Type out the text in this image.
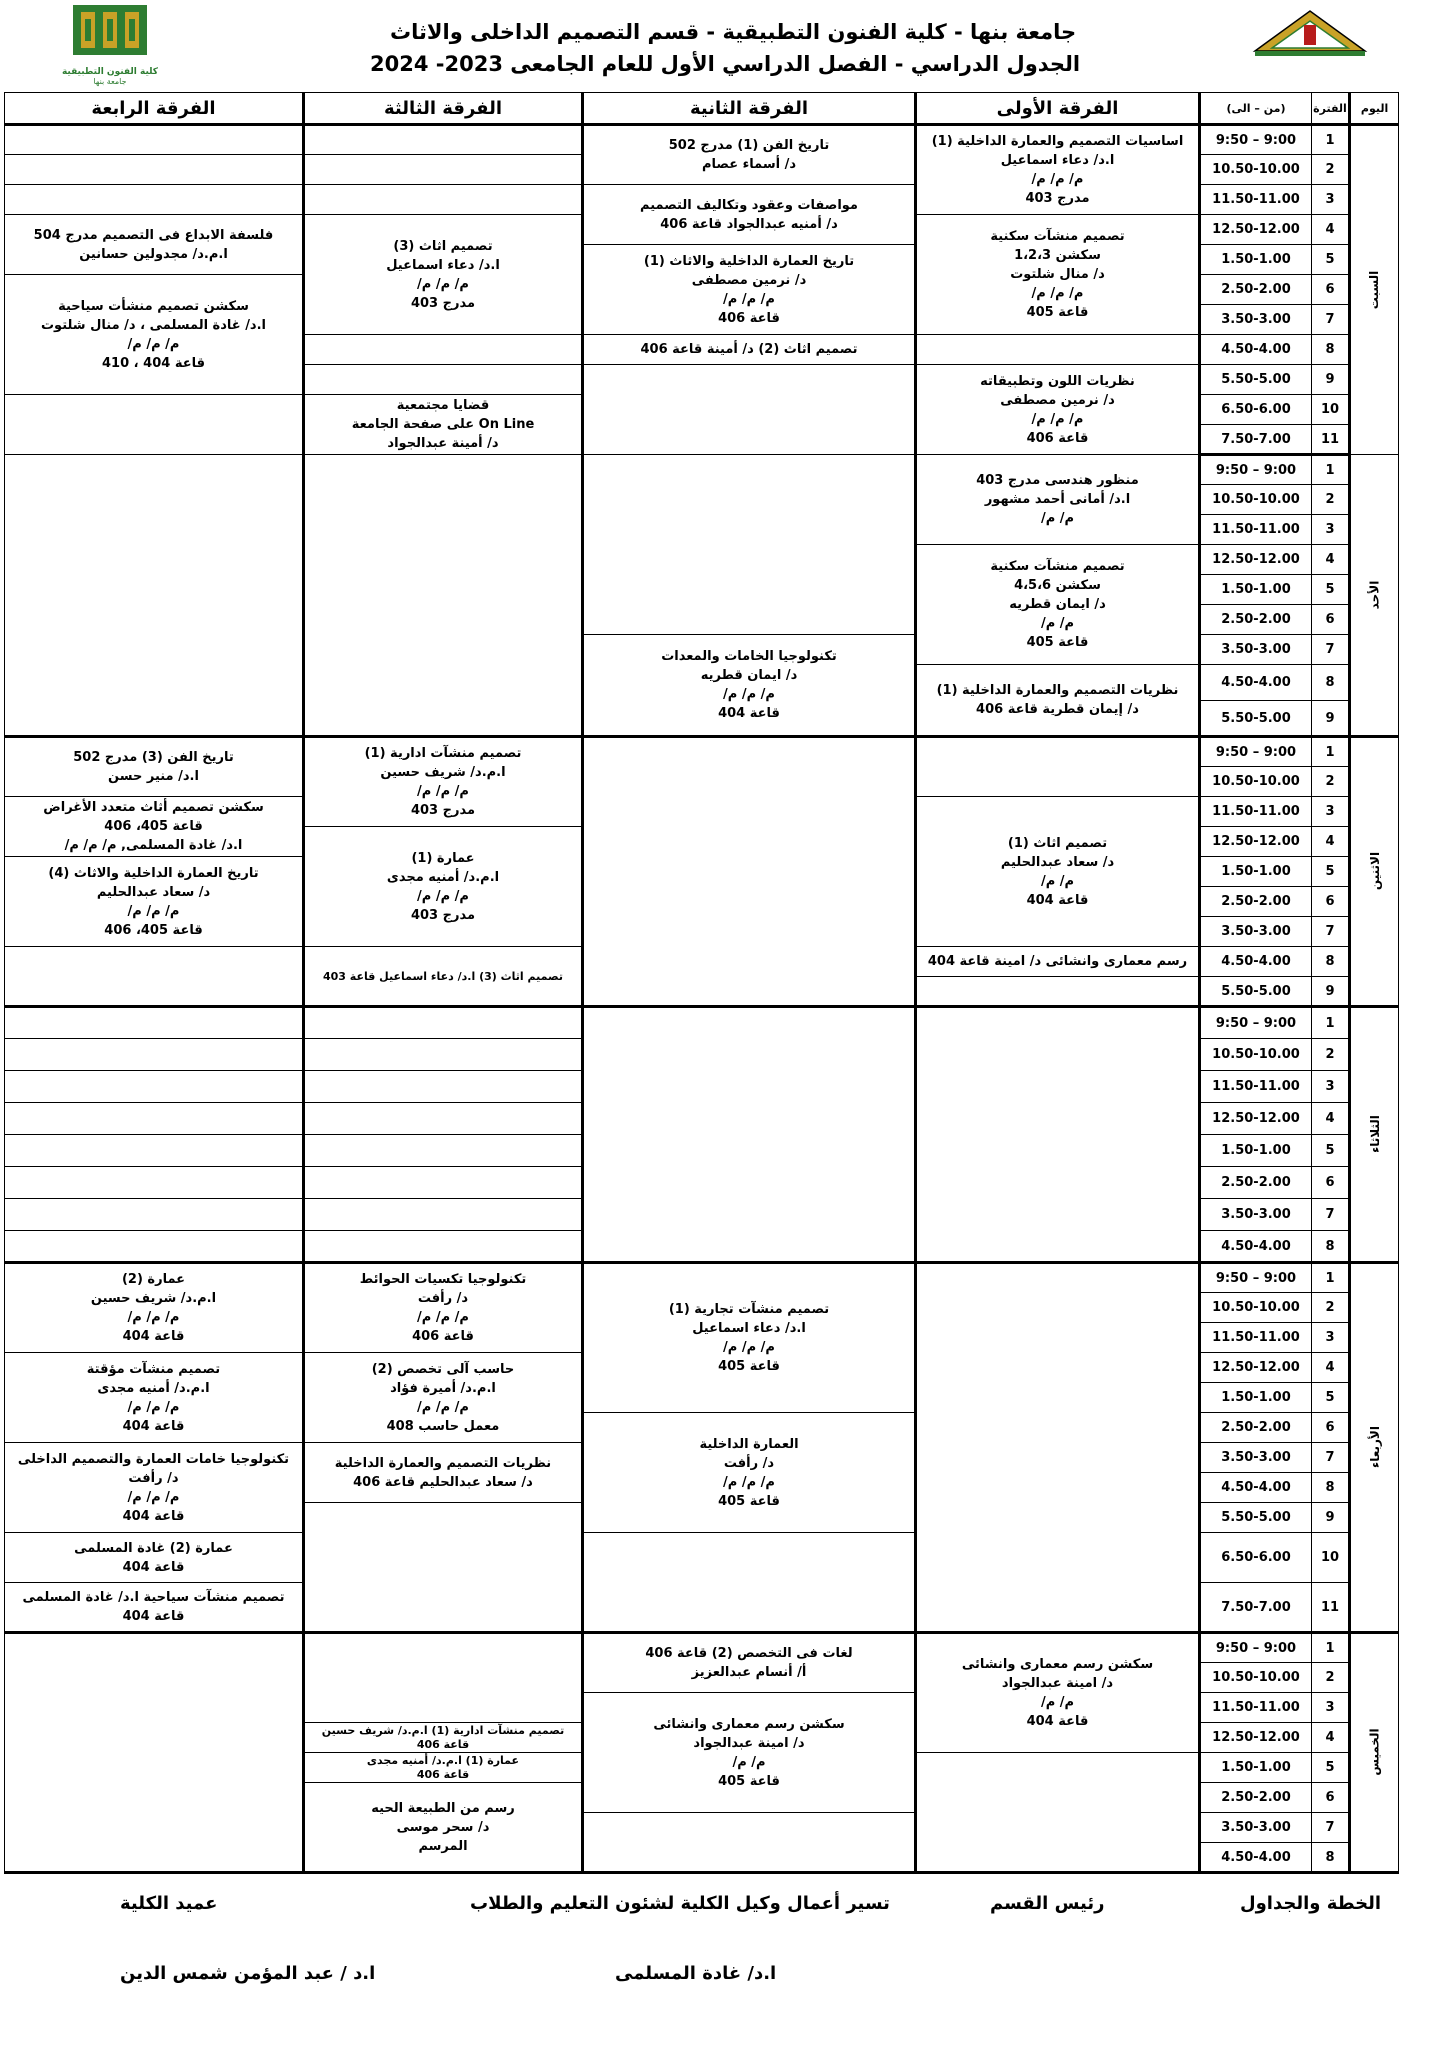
جامعة بنها - كلية الفنون التطبيقية - قسم التصميم الداخلى والاثاث
الجدول الدراسي - الفصل الدراسي الأول للعام الجامعى 2023- 2024
كلية الفنون التطبيقية
جامعة بنها
اليوم	الفترة	(من – الى)	الفرقة الأولى	الفرقة الثانية	الفرقة الثالثة	الفرقة الرابعة
السبت	1	9:50 – 9:00	اساسيات التصميم والعمارة الداخلية (1)
ا.د/ دعاء اسماعيل
م/ م/ م/
مدرج 403	تاريخ الفن (1) مدرج 502
د/ أسماء عصام		

	2	10.50-10.00				
	3	11.50-11.00		مواصفات وعقود وتكاليف التصميم
د/ أمنيه عبدالجواد قاعة 406		

	4	12.50-12.00	تصميم منشآت سكنية
سكشن 1،2،3
د/ منال شلتوت
م/ م/ م/
قاعة 405		تصميم اثاث (3)
ا.د/ دعاء اسماعيل
م/ م/ م/
مدرج 403	فلسفة الابداع فى التصميم مدرج 504
ا.م.د/ مجدولين حسانين

	5	1.50-1.00		تاريخ العمارة الداخلية والاثاث (1)
د/ نرمين مصطفى
م/ م/ م/
قاعة 406		

	6	2.50-2.00				سكشن تصميم منشأت سياحية
ا.د/ غادة المسلمى ، د/ منال شلتوت
م/ م/ م/
قاعة 404 ، 410

	7	3.50-3.00				
	8	4.50-4.00		تصميم اثاث (2) د/ أمينة قاعة 406		

	9	5.50-5.00	نظريات اللون وتطبيقاته
د/ نرمين مصطفى
م/ م/ م/
قاعة 406			

	10	6.50-6.00			قضايا مجتمعية
On Line على صفحة الجامعة
د/ أمينة عبدالجواد	

	11	7.50-7.00				
الأحد	1	9:50 – 9:00	منظور هندسى مدرج 403
ا.د/ أمانى أحمد مشهور
م/ م/			

	2	10.50-10.00				
	3	11.50-11.00				
	4	12.50-12.00	تصميم منشآت سكنية
سكشن 4،5،6
د/ ايمان قطريه
م/ م/
قاعة 405			

	5	1.50-1.00				
	6	2.50-2.00				
	7	3.50-3.00		تكنولوجيا الخامات والمعدات
د/ ايمان قطريه
م/ م/ م/
قاعة 404		

	8	4.50-4.00	نظريات التصميم والعمارة الداخلية (1)
د/ إيمان قطرية قاعة 406			

	9	5.50-5.00				
الاثنين	1	9:50 – 9:00			تصميم منشآت ادارية (1)
ا.م.د/ شريف حسين
م/ م/ م/
مدرج 403	تاريخ الفن (3) مدرج 502
ا.د/ منير حسن

	2	10.50-10.00				
	3	11.50-11.00	تصميم اثاث (1)
د/ سعاد عبدالحليم
م/ م/
قاعة 404			سكشن تصميم أثاث متعدد الأغراض
قاعة 405، 406
ا.د/ غادة المسلمى, م/ م/ م/

	4	12.50-12.00			عمارة (1)
ا.م.د/ أمنيه مجدى
م/ م/ م/
مدرج 403	

	5	1.50-1.00				تاريخ العمارة الداخلية والاثاث (4)
د/ سعاد عبدالحليم
م/ م/ م/
قاعة 405، 406

	6	2.50-2.00				
	7	3.50-3.00				
	8	4.50-4.00	رسم معمارى وانشائى د/ امينة قاعة 404		تصميم اثاث (3) ا.د/ دعاء اسماعيل قاعة 403	

	9	5.50-5.00				
الثلاثاء	1	9:50 – 9:00				
	2	10.50-10.00				
	3	11.50-11.00				
	4	12.50-12.00				
	5	1.50-1.00				
	6	2.50-2.00				
	7	3.50-3.00				
	8	4.50-4.00				
الأربعاء	1	9:50 – 9:00		تصميم منشآت تجارية (1)
ا.د/ دعاء اسماعيل
م/ م/ م/
قاعة 405	تكنولوجيا تكسيات الحوائط
د/ رأفت
م/ م/ م/
قاعة 406	عمارة (2)
ا.م.د/ شريف حسين
م/ م/ م/
قاعة 404

	2	10.50-10.00				
	3	11.50-11.00				
	4	12.50-12.00			حاسب آلى تخصص (2)
ا.م.د/ أميرة فؤاد
م/ م/ م/
معمل حاسب 408	تصميم منشآت مؤقتة
ا.م.د/ أمنيه مجدى
م/ م/ م/
قاعة 404

	5	1.50-1.00				
	6	2.50-2.00		العمارة الداخلية
د/ رأفت
م/ م/ م/
قاعة 405		

	7	3.50-3.00			نظريات التصميم والعمارة الداخلية
د/ سعاد عبدالحليم قاعة 406	تكنولوجيا خامات العمارة والتصميم الداخلى
د/ رأفت
م/ م/ م/
قاعة 404

	8	4.50-4.00				
	9	5.50-5.00				
	10	6.50-6.00				عمارة (2) غادة المسلمى
قاعة 404

	11	7.50-7.00				تصميم منشآت سياحية ا.د/ غادة المسلمى
قاعة 404

الخميس	1	9:50 – 9:00	سكشن رسم معمارى وانشائى
د/ امينة عبدالجواد
م/ م/
قاعة 404	لغات فى التخصص (2) قاعة 406
أ/ أنسام عبدالعزيز		

	2	10.50-10.00				
	3	11.50-11.00		سكشن رسم معمارى وانشائى
د/ امينة عبدالجواد
م/ م/
قاعة 405		

	4	12.50-12.00			تصميم منشآت ادارية (1) ا.م.د/ شريف حسين
قاعة 406	

	5	1.50-1.00			عمارة (1) ا.م.د/ أمنيه مجدى
قاعة 406	

	6	2.50-2.00			رسم من الطبيعة الحيه
د/ سحر موسى
المرسم	

	7	3.50-3.00				
	8	4.50-4.00				
الخطة والجداول
رئيس القسم
تسير أعمال وكيل الكلية لشئون التعليم والطلاب
عميد الكلية
ا.د/ غادة المسلمى
ا.د / عبد المؤمن شمس الدين
